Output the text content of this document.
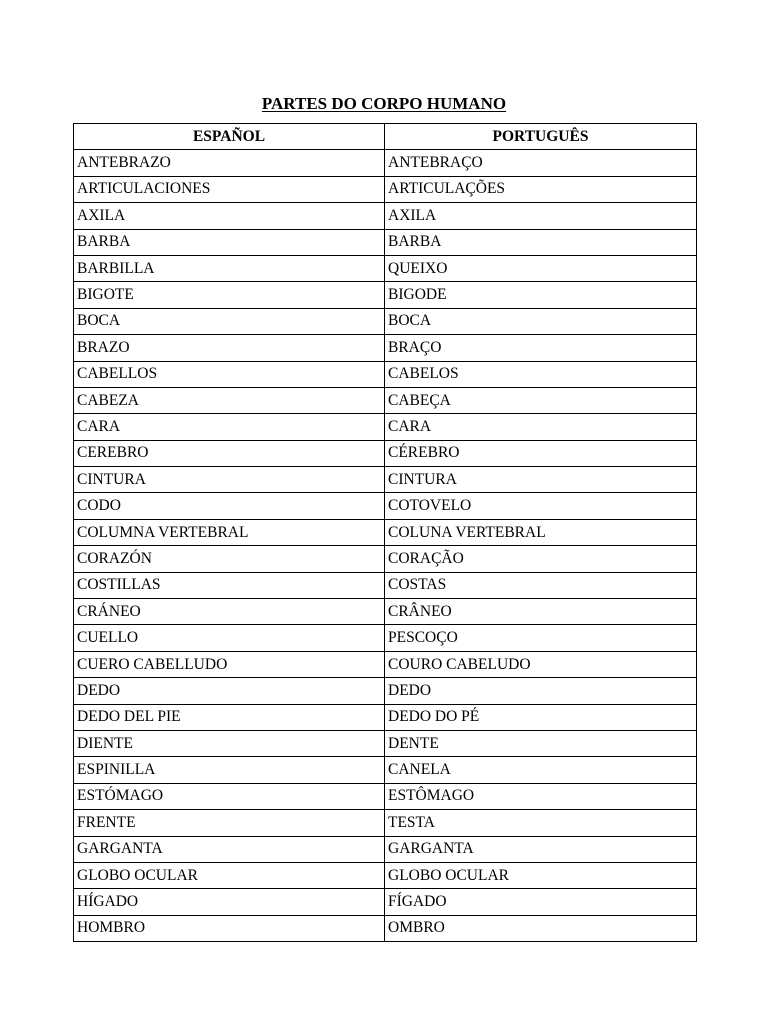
PARTES DO CORPO HUMANO
ESPAÑOL	PORTUGUÊS
ANTEBRAZO	ANTEBRAÇO
ARTICULACIONES	ARTICULAÇÕES
AXILA	AXILA
BARBA	BARBA
BARBILLA	QUEIXO
BIGOTE	BIGODE
BOCA	BOCA
BRAZO	BRAÇO
CABELLOS	CABELOS
CABEZA	CABEÇA
CARA	CARA
CEREBRO	CÉREBRO
CINTURA	CINTURA
CODO	COTOVELO
COLUMNA VERTEBRAL	COLUNA VERTEBRAL
CORAZÓN	CORAÇÃO
COSTILLAS	COSTAS
CRÁNEO	CRÂNEO
CUELLO	PESCOÇO
CUERO CABELLUDO	COURO CABELUDO
DEDO	DEDO
DEDO DEL PIE	DEDO DO PÉ
DIENTE	DENTE
ESPINILLA	CANELA
ESTÓMAGO	ESTÔMAGO
FRENTE	TESTA
GARGANTA	GARGANTA
GLOBO OCULAR	GLOBO OCULAR
HÍGADO	FÍGADO
HOMBRO	OMBRO
